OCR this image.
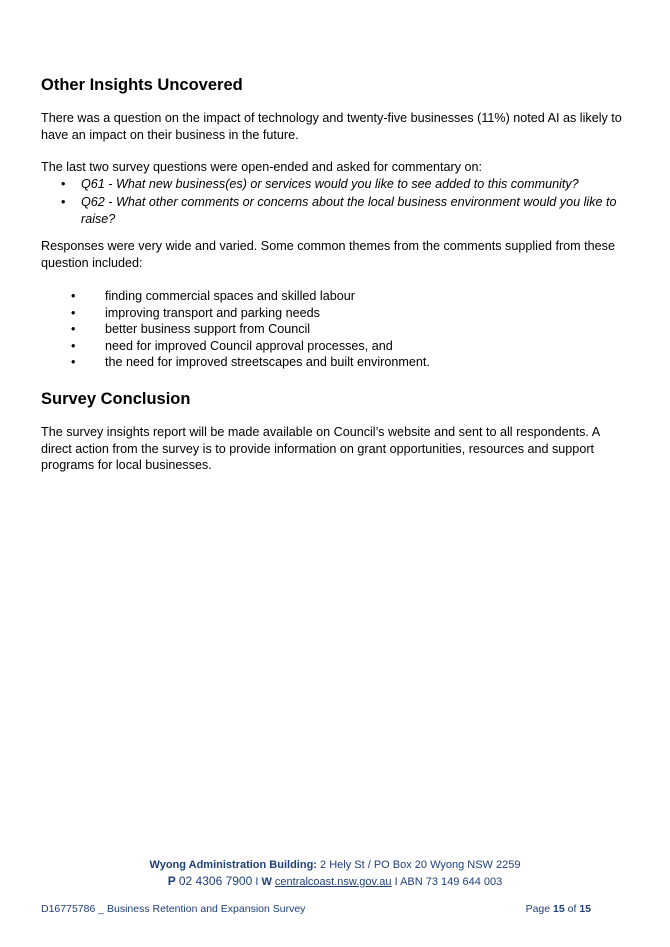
Other Insights Uncovered

There was a question on the impact of technology and twenty-five businesses (11%) noted AI as likely to have an impact on their business in the future.

The last two survey questions were open-ended and asked for commentary on:

• Q61 - What new business(es) or services would you like to see added to this community?
• Q62 - What other comments or concerns about the local business environment would you like to raise?

Responses were very wide and varied. Some common themes from the comments supplied from these question included:

• finding commercial spaces and skilled labour
• improving transport and parking needs
• better business support from Council
• need for improved Council approval processes, and
• the need for improved streetscapes and built environment.
Survey Conclusion

The survey insights report will be made available on Council’s website and sent to all respondents. A direct action from the survey is to provide information on grant opportunities, resources and support programs for local businesses.

Wyong Administration Building: 2 Hely St / PO Box 20 Wyong NSW 2259
P 02 4306 7900 I W centralcoast.nsw.gov.au I ABN 73 149 644 003
D16775786 _ Business Retention and Expansion Survey	Page 15 of 15
